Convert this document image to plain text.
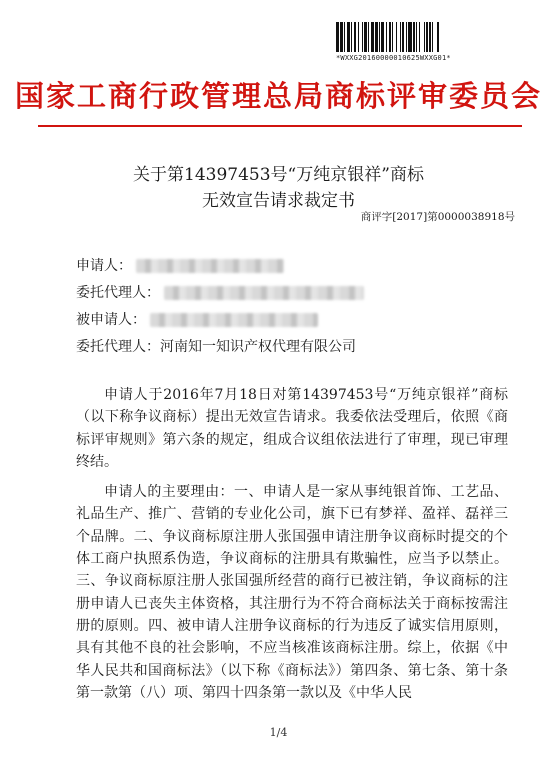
*WXXG20160000010625WXXG01*
国家工商行政管理总局商标评审委员会
关于第14397453号“万纯京银祥”商标
无效宣告请求裁定书
商评字[2017]第0000038918号
申请人：
委托代理人：
被申请人：
委托代理人： 河南知一知识产权代理有限公司

申请人于2016年7月18日对第14397453号“万纯京银祥”商标（以下称争议商标）提出无效宣告请求。我委依法受理后，依照《商标评审规则》第六条的规定，组成合议组依法进行了审理，现已审理终结。

申请人的主要理由：一、申请人是一家从事纯银首饰、工艺品、礼品生产、推广、营销的专业化公司，旗下已有梦祥、盈祥、磊祥三个品牌。二、争议商标原注册人张国强申请注册争议商标时提交的个体工商户执照系伪造，争议商标的注册具有欺骗性，应当予以禁止。三、争议商标原注册人张国强所经营的商行已被注销，争议商标的注册申请人已丧失主体资格，其注册行为不符合商标法关于商标按需注册的原则。四、被申请人注册争议商标的行为违反了诚实信用原则，具有其他不良的社会影响，不应当核准该商标注册。综上，依据《中华人民共和国商标法》（以下称《商标法》）第四条、第七条、第十条第一款第（八）项、第四十四条第一款以及《中华人民

1/4
